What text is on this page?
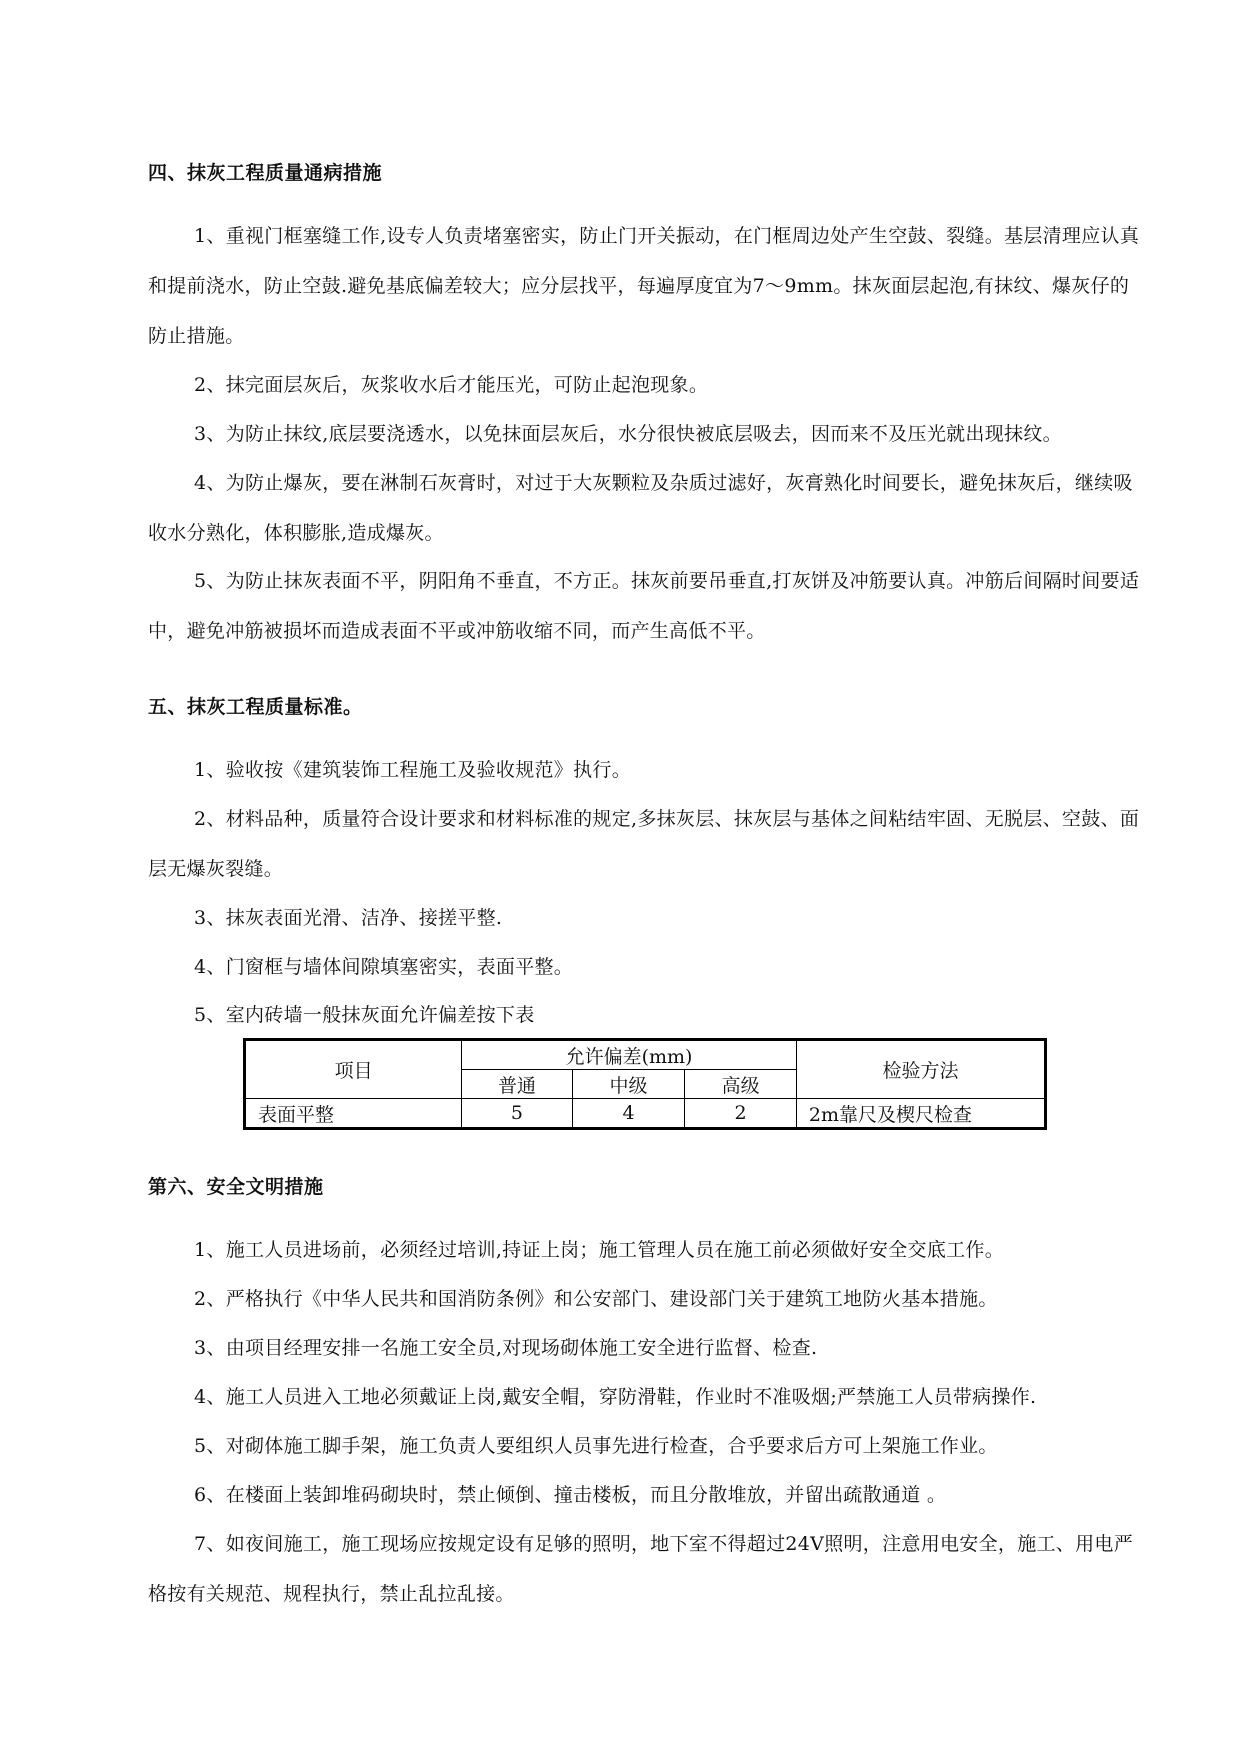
四、抹灰工程质量通病措施

1、重视门框塞缝工作,设专人负责堵塞密实，防止门开关振动，在门框周边处产生空鼓、裂缝。基层清理应认真和提前浇水，防止空鼓.避免基底偏差较大；应分层找平，每遍厚度宜为7～9mm。抹灰面层起泡,有抹纹、爆灰仔的防止措施。

2、抹完面层灰后，灰浆收水后才能压光，可防止起泡现象。

3、为防止抹纹,底层要浇透水，以免抹面层灰后，水分很快被底层吸去，因而来不及压光就出现抹纹。

4、为防止爆灰，要在淋制石灰膏时，对过于大灰颗粒及杂质过滤好，灰膏熟化时间要长，避免抹灰后，继续吸收水分熟化，体积膨胀,造成爆灰。

5、为防止抹灰表面不平，阴阳角不垂直，不方正。抹灰前要吊垂直,打灰饼及冲筋要认真。冲筋后间隔时间要适中，避免冲筋被损坏而造成表面不平或冲筋收缩不同，而产生高低不平。

五、抹灰工程质量标准。

1、验收按《建筑装饰工程施工及验收规范》执行。

2、材料品种，质量符合设计要求和材料标准的规定,多抹灰层、抹灰层与基体之间粘结牢固、无脱层、空鼓、面层无爆灰裂缝。

3、抹灰表面光滑、洁净、接搓平整.

4、门窗框与墙体间隙填塞密实，表面平整。

5、室内砖墙一般抹灰面允许偏差按下表

项目	允许偏差(mm)			检验方法
	普通	中级	高级	
表面平整	5	4	2	2m靠尺及楔尺检查
第六、安全文明措施

1、施工人员进场前，必须经过培训,持证上岗；施工管理人员在施工前必须做好安全交底工作。

2、严格执行《中华人民共和国消防条例》和公安部门、建设部门关于建筑工地防火基本措施。

3、由项目经理安排一名施工安全员,对现场砌体施工安全进行监督、检查.

4、施工人员进入工地必须戴证上岗,戴安全帽，穿防滑鞋，作业时不准吸烟;严禁施工人员带病操作.

5、对砌体施工脚手架，施工负责人要组织人员事先进行检查，合乎要求后方可上架施工作业。

6、在楼面上装卸堆码砌块时，禁止倾倒、撞击楼板，而且分散堆放，并留出疏散通道 。

7、如夜间施工，施工现场应按规定设有足够的照明，地下室不得超过24V照明，注意用电安全，施工、用电严格按有关规范、规程执行，禁止乱拉乱接。
